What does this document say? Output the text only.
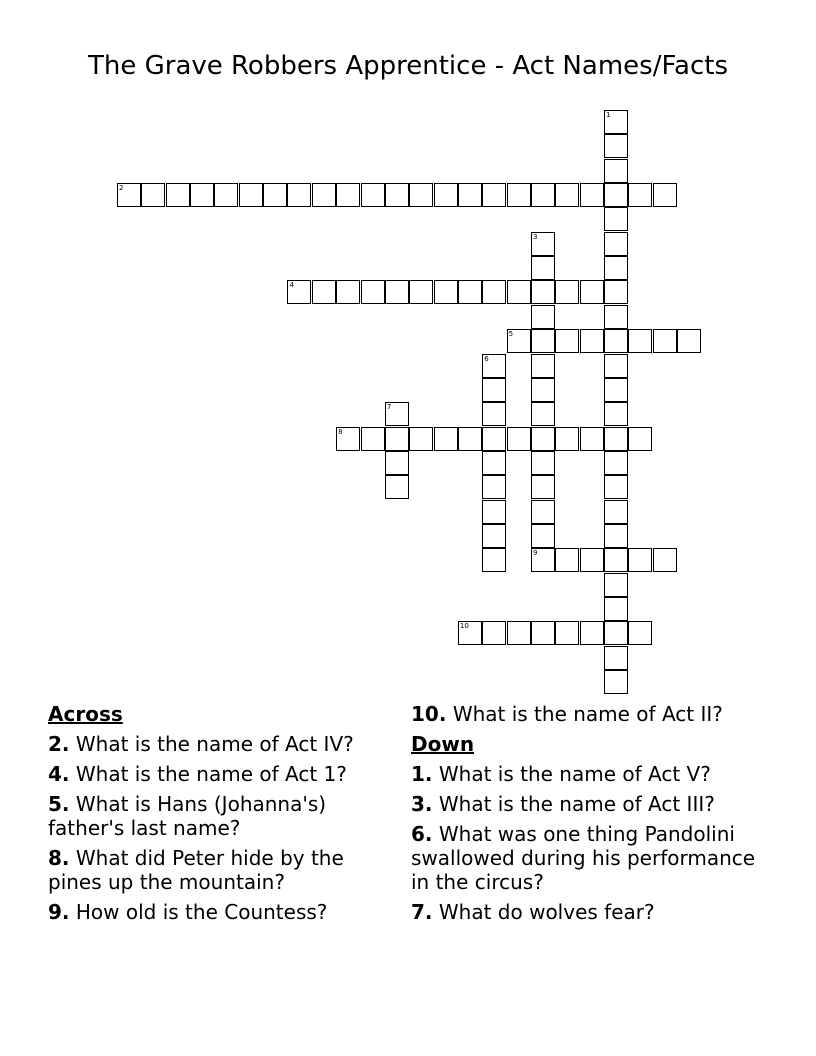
The Grave Robbers Apprentice - Act Names/Facts
2
4
5
8
9
10
1
3
6
7
Across
2. What is the name of Act IV?
4. What is the name of Act 1?
5. What is Hans (Johanna's) father's last name?
8. What did Peter hide by the pines up the mountain?
9. How old is the Countess?
10. What is the name of Act II?
Down
1. What is the name of Act V?
3. What is the name of Act III?
6. What was one thing Pandolini swallowed during his performance in the circus?
7. What do wolves fear?
